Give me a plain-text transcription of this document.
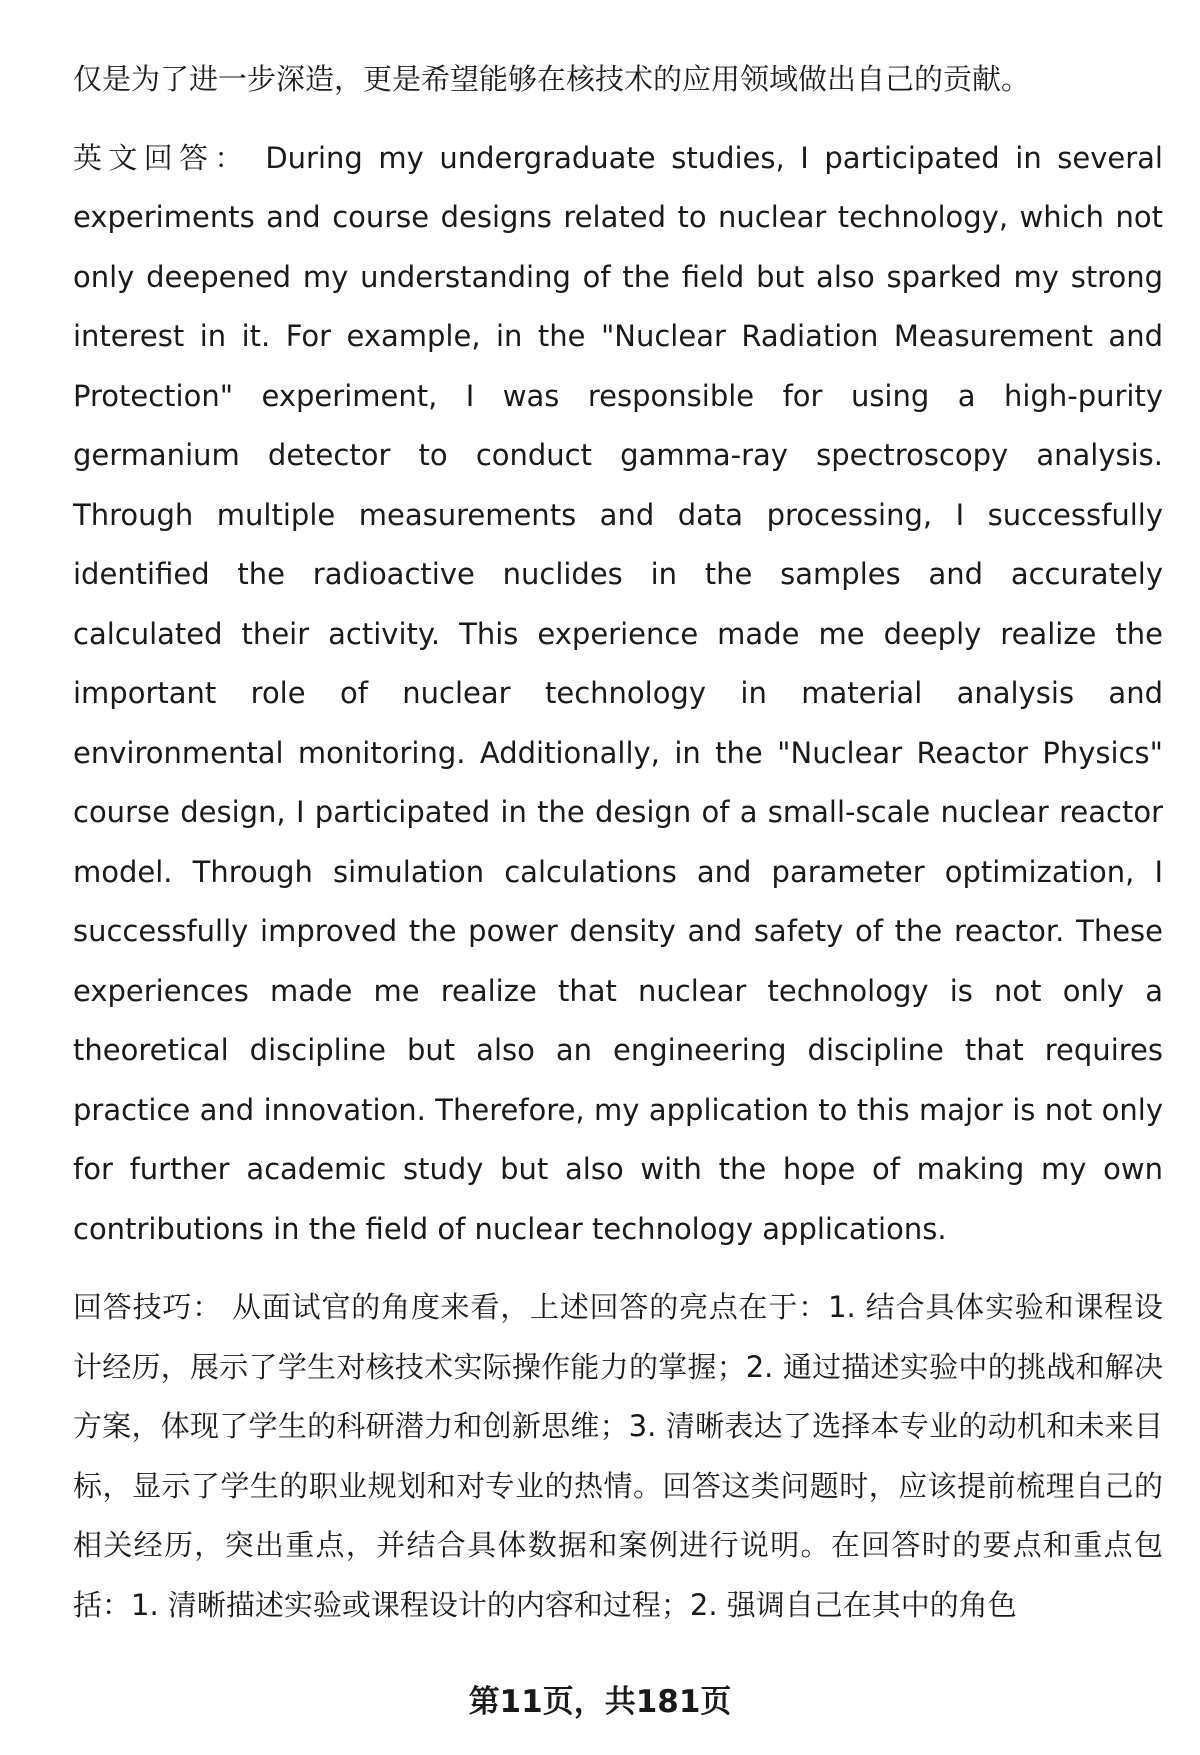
仅是为了进一步深造，更是希望能够在核技术的应用领域做出自己的贡献。

英文回答： During my undergraduate studies, I participated in several experiments and course designs related to nuclear technology, which not only deepened my understanding of the field but also sparked my strong interest in it. For example, in the "Nuclear Radiation Measurement and Protection" experiment, I was responsible for using a high-purity germanium detector to conduct gamma-ray spectroscopy analysis. Through multiple measurements and data processing, I successfully identified the radioactive nuclides in the samples and accurately calculated their activity. This experience made me deeply realize the important role of nuclear technology in material analysis and environmental monitoring. Additionally, in the "Nuclear Reactor Physics" course design, I participated in the design of a small-scale nuclear reactor model. Through simulation calculations and parameter optimization, I successfully improved the power density and safety of the reactor. These experiences made me realize that nuclear technology is not only a theoretical discipline but also an engineering discipline that requires practice and innovation. Therefore, my application to this major is not only for further academic study but also with the hope of making my own contributions in the field of nuclear technology applications.

回答技巧： 从面试官的角度来看，上述回答的亮点在于：1. 结合具体实验和课程设计经历，展示了学生对核技术实际操作能力的掌握；2. 通过描述实验中的挑战和解决方案，体现了学生的科研潜力和创新思维；3. 清晰表达了选择本专业的动机和未来目标，显示了学生的职业规划和对专业的热情。回答这类问题时，应该提前梳理自己的相关经历，突出重点，并结合具体数据和案例进行说明。在回答时的要点和重点包括：1. 清晰描述实验或课程设计的内容和过程；2. 强调自己在其中的角色

第11页，共181页
